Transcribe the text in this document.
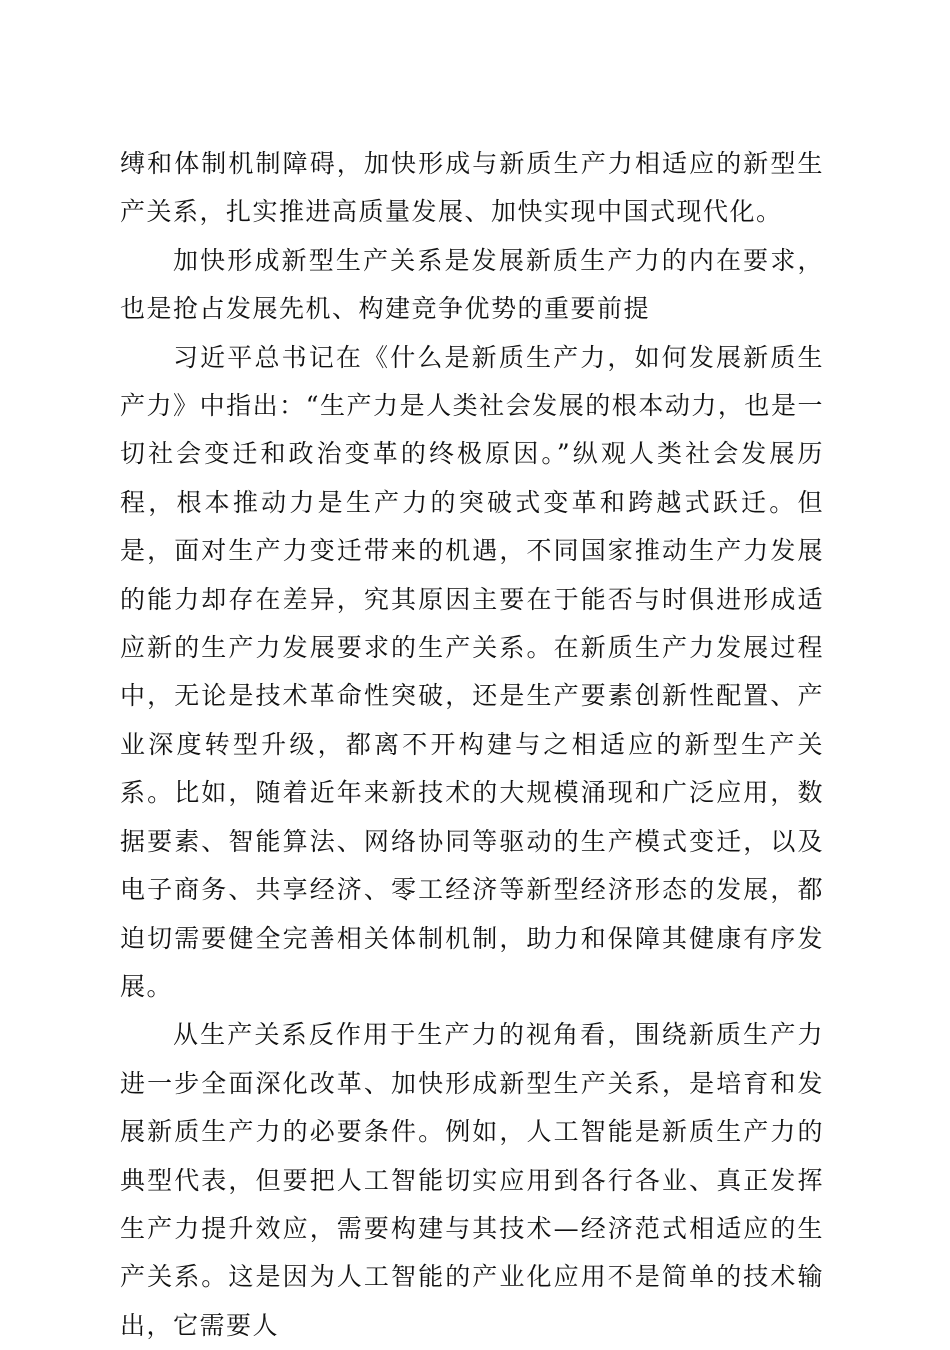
缚和体制机制障碍，加快形成与新质生产力相适应的新型生产关系，扎实推进高质量发展、加快实现中国式现代化。

加快形成新型生产关系是发展新质生产力的内在要求，也是抢占发展先机、构建竞争优势的重要前提

习近平总书记在《什么是新质生产力，如何发展新质生产力》中指出：“生产力是人类社会发展的根本动力，也是一切社会变迁和政治变革的终极原因。”纵观人类社会发展历程，根本推动力是生产力的突破式变革和跨越式跃迁。但是，面对生产力变迁带来的机遇，不同国家推动生产力发展的能力却存在差异，究其原因主要在于能否与时俱进形成适应新的生产力发展要求的生产关系。在新质生产力发展过程中，无论是技术革命性突破，还是生产要素创新性配置、产业深度转型升级，都离不开构建与之相适应的新型生产关系。比如，随着近年来新技术的大规模涌现和广泛应用，数据要素、智能算法、网络协同等驱动的生产模式变迁，以及电子商务、共享经济、零工经济等新型经济形态的发展，都迫切需要健全完善相关体制机制，助力和保障其健康有序发展。

从生产关系反作用于生产力的视角看，围绕新质生产力进一步全面深化改革、加快形成新型生产关系，是培育和发展新质生产力的必要条件。例如，人工智能是新质生产力的典型代表，但要把人工智能切实应用到各行各业、真正发挥生产力提升效应，需要构建与其技术—经济范式相适应的生产关系。这是因为人工智能的产业化应用不是简单的技术输出，它需要人
